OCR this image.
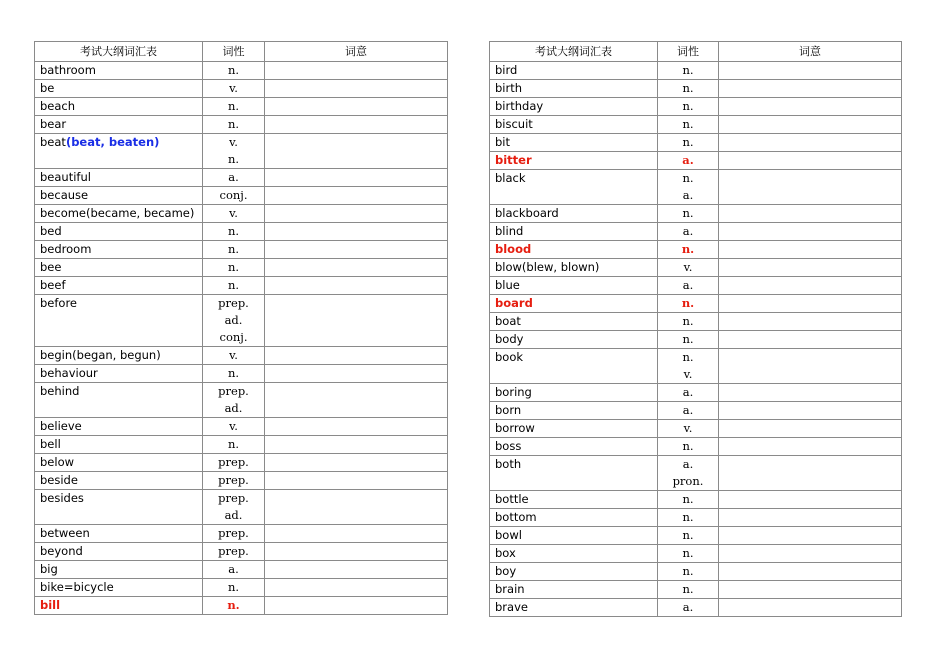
考试大纲词汇表	词性	词意
bathroom	n.	

be	v.	

beach	n.	

bear	n.	

beat(beat, beaten)	v.
n.	

beautiful	a.	

because	conj.	

become(became, became)	v.	

bed	n.	

bedroom	n.	

bee	n.	

beef	n.	

before	prep.
ad.
conj.	

begin(began, begun)	v.	

behaviour	n.	

behind	prep.
ad.	

believe	v.	

bell	n.	

below	prep.	

beside	prep.	

besides	prep.
ad.	

between	prep.	

beyond	prep.	

big	a.	

bike=bicycle	n.	

bill	n.	

考试大纲词汇表	词性	词意
bird	n.	

birth	n.	

birthday	n.	

biscuit	n.	

bit	n.	

bitter	a.	

black	n.
a.	

blackboard	n.	

blind	a.	

blood	n.	

blow(blew, blown)	v.	

blue	a.	

board	n.	

boat	n.	

body	n.	

book	n.
v.	

boring	a.	

born	a.	

borrow	v.	

boss	n.	

both	a.
pron.	

bottle	n.	

bottom	n.	

bowl	n.	

box	n.	

boy	n.	

brain	n.	

brave	a.	
